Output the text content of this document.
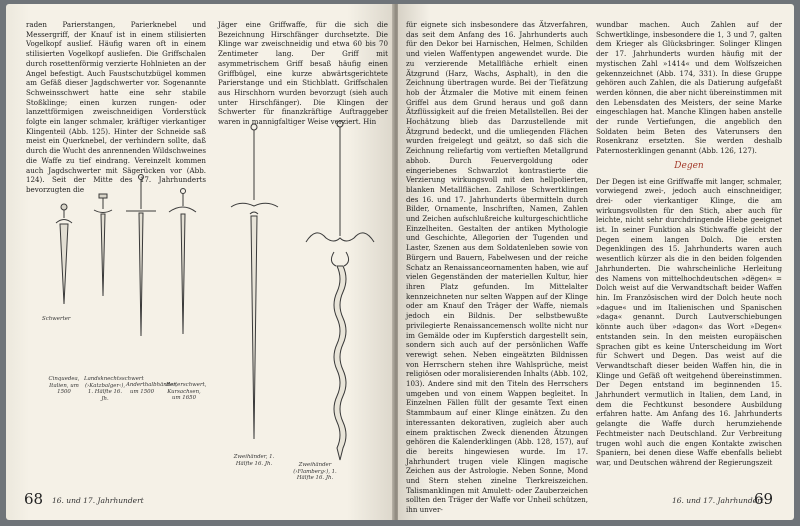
raden Parierstangen, Parierknebel und Messergriff, der Knauf ist in einem stilisierten Vogelkopf auslief. Häufig waren oft in einem stilisierten Vogelkopf ausliefen. Die Griffschalen durch rosettenförmig verzierte Hohlnieten an der Angel befestigt. Auch Faustschutzbügel kommen am Gefäß dieser Jagdschwerter vor. Sogenannte Schweinsschwert hatte eine sehr stabile Stoßklinge; einen kurzen rungen- oder lanzettförmigen zweischneidigen Vorderstück folgte ein langer schmaler, kräftiger vierkantiger Klingenteil (Abb. 125). Hinter der Schneide saß meist ein Querknebel, der verhindern sollte, daß durch die Wucht des anrennenden Wildschweines die Waffe zu tief eindrang. Vereinzelt kommen auch Jagdschwerter mit Sägerücken vor (Abb. 124). Seit der Mitte des 17. Jahrhunderts bevorzugten die

Jäger eine Griffwaffe, für die sich die Bezeichnung Hirschfänger durchsetzte. Die Klinge war zweischneidig und etwa 60 bis 70 Zentimeter lang. Der Griff mit asymmetrischem Griff besaß häufig einen Griffbügel, eine kurze abwärtsgerichtete Parierstange und ein Stichblatt. Griffschalen aus Hirschhorn wurden bevorzugt (sieh auch unter Hirschfänger). Die Klingen der Schwerter für finanzkräftige Auftraggeber waren in mannigfaltiger Weise verziert. Hin

Schwerter
Cinquedea, Italien, um 1500
Landsknechtsschwert (›Katzbalger‹), 1. Hälfte 16. Jh.
Anderthalbhänder, um 1500
Reiterschwert, Kursachsen, um 1650
Zweihänder, 1. Hälfte 16. Jh.	Zweihänder (›Flamberg‹), 1. Hälfte 16. Jh.
68 16. und 17. Jahrhundert

für eignete sich insbesondere das Ätzverfahren, das seit dem Anfang des 16. Jahrhunderts auch für den Dekor bei Harnischen, Helmen, Schilden und vielen Waffentypen angewendet wurde. Die zu verzierende Metallfläche erhielt einen Ätzgrund (Harz, Wachs, Asphalt), in den die Zeichnung übertragen wurde. Bei der Tiefätzung hob der Ätzmaler die Motive mit einem feinen Griffel aus dem Grund heraus und goß dann Ätzflüssigkeit auf die freien Metallstellen. Bei der Hochätzung blieb das Darzustellende mit Ätzgrund bedeckt, und die umliegenden Flächen wurden freigelegt und geätzt, so daß sich die Zeichnung reliefartig vom vertieften Metallgrund abhob. Durch Feuervergoldung oder eingeriebenes Schwarzlot kontrastierte die Verzierung wirkungsvoll mit den hellpolierten, blanken Metallflächen. Zahllose Schwertklingen des 16. und 17. Jahrhunderts übermitteln durch Bilder, Ornamente, Inschriften, Namen, Zahlen und Zeichen aufschlußreiche kulturgeschichtliche Einzelheiten. Gestalten der antiken Mythologie und Geschichte, Allegorien der Tugenden und Laster, Szenen aus dem Soldatenleben sowie von Bürgern und Bauern, Fabelwesen und der reiche Schatz an Renaissanceornamenten haben, wie auf vielen Gegenständen der materiellen Kultur, hier ihren Platz gefunden. Im Mittelalter kennzeichneten nur selten Wappen auf der Klinge oder am Knauf den Träger der Waffe, niemals jedoch ein Bildnis. Der selbstbewußte privilegierte Renaissancemensch wollte nicht nur im Gemälde oder im Kupferstich dargestellt sein, sondern sich auch auf der persönlichen Waffe verewigt sehen. Neben eingeätzten Bildnissen von Herrschern stehen ihre Wahlsprüche, meist religiösen oder moralisierenden Inhalts (Abb. 102, 103). Andere sind mit den Titeln des Herrschers umgeben und von einem Wappen begleitet. In Einzelnen Fällen füllt der gesamte Text einen Stammbaum auf einer Klinge einätzen. Zu den interessanten dekorativen, zugleich aber auch einem praktischen Zweck dienenden Ätzungen gehören die Kalenderklingen (Abb. 128, 157), auf die bereits hingewiesen wurde. Im 17. Jahrhundert trugen viele Klingen magische Zeichen aus der Astrologie. Neben Sonne, Mond und Stern stehen zinelne Tierkreiszeichen. Talismanklingen mit Amulett- oder Zauberzeichen sollten den Träger der Waffe vor Unheil schützen, ihn unver-

wundbar machen. Auch Zahlen auf der Schwertklinge, insbesondere die 1, 3 und 7, galten dem Krieger als Glücksbringer. Solinger Klingen der 17. Jahrhunderts wurden häufig mit der mystischen Zahl »1414« und dem Wolfszeichen gekennzeichnet (Abb. 174, 331). In diese Gruppe gehören auch Zahlen, die als Datierung aufgefaßt werden können, die aber nicht übereinstimmen mit den Lebensdaten des Meisters, der seine Marke eingeschlagen hat. Manche Klingen haben anstelle der runde Vertiefungen, die angeblich den Soldaten beim Beten des Vaterunsers den Rosenkranz ersetzten. Sie werden deshalb Paternosterklingen genannt (Abb. 126, 127).

Degen

Der Degen ist eine Griffwaffe mit langer, schmaler, vorwiegend zwei-, jedoch auch einschneidiger, drei- oder vierkantiger Klinge, die am wirkungsvollsten für den Stich, aber auch für leichte, nicht sehr durchdringende Hiebe geeignet ist. In seiner Funktion als Stichwaffe gleicht der Degen einem langen Dolch. Die ersten Degenklingen des 15. Jahrhunderts waren auch wesentlich kürzer als die in den beiden folgenden Jahrhunderten. Die wahrscheinliche Herleitung des Namens von mittelhochdeutschen »dëgen« = Dolch weist auf die Verwandtschaft beider Waffen hin. Im Französischen wird der Dolch heute noch »dague« und im Italienischen und Spanischen »daga« genannt. Durch Lautverschiebungen könnte auch über »dagon« das Wort »Degen« entstanden sein. In den meisten europäischen Sprachen gibt es keine Unterscheidung im Wort für Schwert und Degen. Das weist auf die Verwandtschaft dieser beiden Waffen hin, die in Klinge und Gefäß oft weitgehend übereinstimmen. Der Degen entstand im beginnenden 15. Jahrhundert vermutlich in Italien, dem Land, in dem die Fechtkunst besondere Ausbildung erfahren hatte. Am Anfang des 16. Jahrhunderts gelangte die Waffe durch herumziehende Fechtmeister nach Deutschland. Zur Verbreitung trugen wohl auch die engen Kontakte zwischen Spaniern, bei denen diese Waffe ebenfalls beliebt war, und Deutschen während der Regierungszeit

16. und 17. Jahrhundert
69
